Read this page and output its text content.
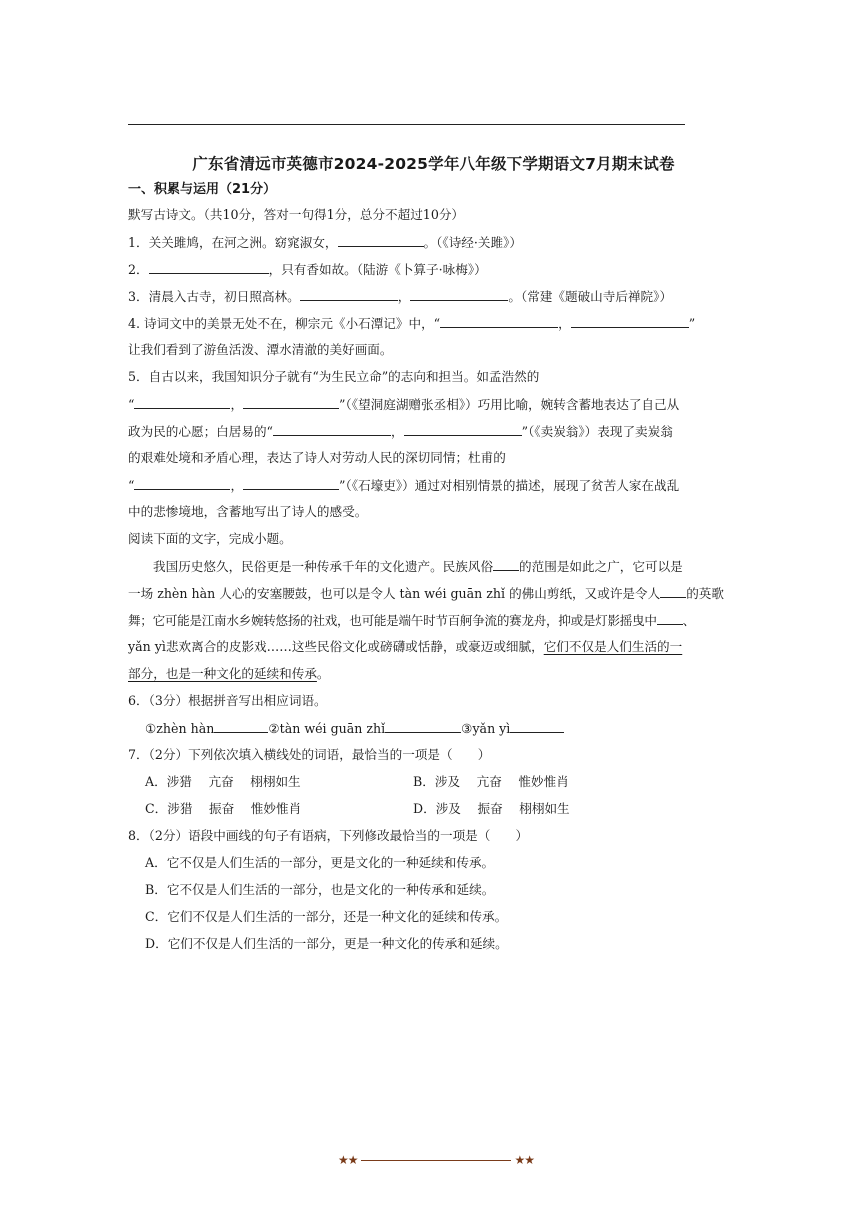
广东省清远市英德市2024-2025学年八年级下学期语文7月期末试卷
一、积累与运用（21分）
默写古诗文。（共10分，答对一句得1分，总分不超过10分）
1．关关雎鸠，在河之洲。窈窕淑女，	。（《诗经·关雎》）
2．	，只有香如故。（陆游《卜算子·咏梅》）
3．清晨入古寺，初日照高林。	，	。（常建《题破山寺后禅院》）
4. 诗词文中的美景无处不在，柳宗元《小石潭记》中，“	，	”
让我们看到了游鱼活泼、潭水清澈的美好画面。
5．自古以来，我国知识分子就有“为生民立命”的志向和担当。如孟浩然的
“	，	”（《望洞庭湖赠张丞相》）巧用比喻，婉转含蓄地表达了自己从
政为民的心愿；白居易的“	，	”（《卖炭翁》）表现了卖炭翁
的艰难处境和矛盾心理，表达了诗人对劳动人民的深切同情；杜甫的
“	，	”（《石壕吏》）通过对相别情景的描述，展现了贫苦人家在战乱
中的悲惨境地，含蓄地写出了诗人的感受。
阅读下面的文字，完成小题。
我国历史悠久，民俗更是一种传承千年的文化遗产。民族风俗 的范围是如此之广，它可以是
一场 zhèn hàn 人心的安塞腰鼓，也可以是令人 tàn wéi guān zhǐ 的佛山剪纸，又或许是令人 的英歌
舞；它可能是江南水乡婉转悠扬的社戏，也可能是端午时节百舸争流的赛龙舟，抑或是灯影摇曳中 、
yǎn yì悲欢离合的皮影戏……这些民俗文化或磅礴或恬静，或豪迈或细腻，它们不仅是人们生活的一
部分，也是一种文化的延续和传承。
6．（3分）根据拼音写出相应词语。
①zhèn hàn	②tàn wéi guān zhǐ	③yǎn yì
7．（2分）下列依次填入横线处的词语，最恰当的一项是（　　）
A．涉猎　 亢奋　 栩栩如生	B．涉及　 亢奋　 惟妙惟肖
C．涉猎　 振奋　 惟妙惟肖	D．涉及　 振奋　 栩栩如生
8．（2分）语段中画线的句子有语病，下列修改最恰当的一项是（　　）
A．它不仅是人们生活的一部分，更是文化的一种延续和传承。
B．它不仅是人们生活的一部分，也是文化的一种传承和延续。
C．它们不仅是人们生活的一部分，还是一种文化的延续和传承。
D．它们不仅是人们生活的一部分，更是一种文化的传承和延续。
★★	★★
